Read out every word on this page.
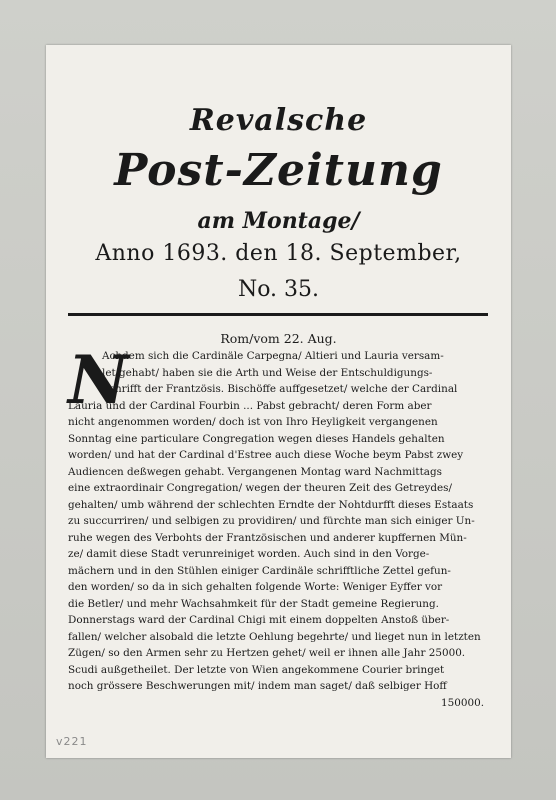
Revalsche
Post-Zeitung
am Montage/
Anno 1693. den 18. September,
No. 35.
Rom/vom 22. Aug.
N
Achdem sich die Cardinäle Carpegna/ Altieri und Lauria versam-
let gehabt/ haben sie die Arth und Weise der Entschuldigungs-
Schrifft der Frantzösis. Bischöffe auffgesetzet/ welche der Cardinal
Lauria und der Cardinal Fourbin ... Pabst gebracht/ deren Form aber
nicht angenommen worden/ doch ist von Ihro Heyligkeit vergangenen
Sonntag eine particulare Congregation wegen dieses Handels gehalten
worden/ und hat der Cardinal d'Estree auch diese Woche beym Pabst zwey
Audiencen deßwegen gehabt. Vergangenen Montag ward Nachmittags
eine extraordinair Congregation/ wegen der theuren Zeit des Getreydes/
gehalten/ umb während der schlechten Erndte der Nohtdurfft dieses Estaats
zu succurriren/ und selbigen zu providiren/ und fürchte man sich einiger Un-
ruhe wegen des Verbohts der Frantzösischen und anderer kupffernen Mün-
ze/ damit diese Stadt verunreiniget worden. Auch sind in den Vorge-
mächern und in den Stühlen einiger Cardinäle schrifftliche Zettel gefun-
den worden/ so da in sich gehalten folgende Worte: Weniger Eyffer vor
die Betler/ und mehr Wachsahmkeit für der Stadt gemeine Regierung.
Donnerstags ward der Cardinal Chigi mit einem doppelten Anstoß über-
fallen/ welcher alsobald die letzte Oehlung begehrte/ und lieget nun in letzten
Zügen/ so den Armen sehr zu Hertzen gehet/ weil er ihnen alle Jahr 25000.
Scudi außgetheilet. Der letzte von Wien angekommene Courier bringet
noch grössere Beschwerungen mit/ indem man saget/ daß selbiger Hoff
150000.
v221
